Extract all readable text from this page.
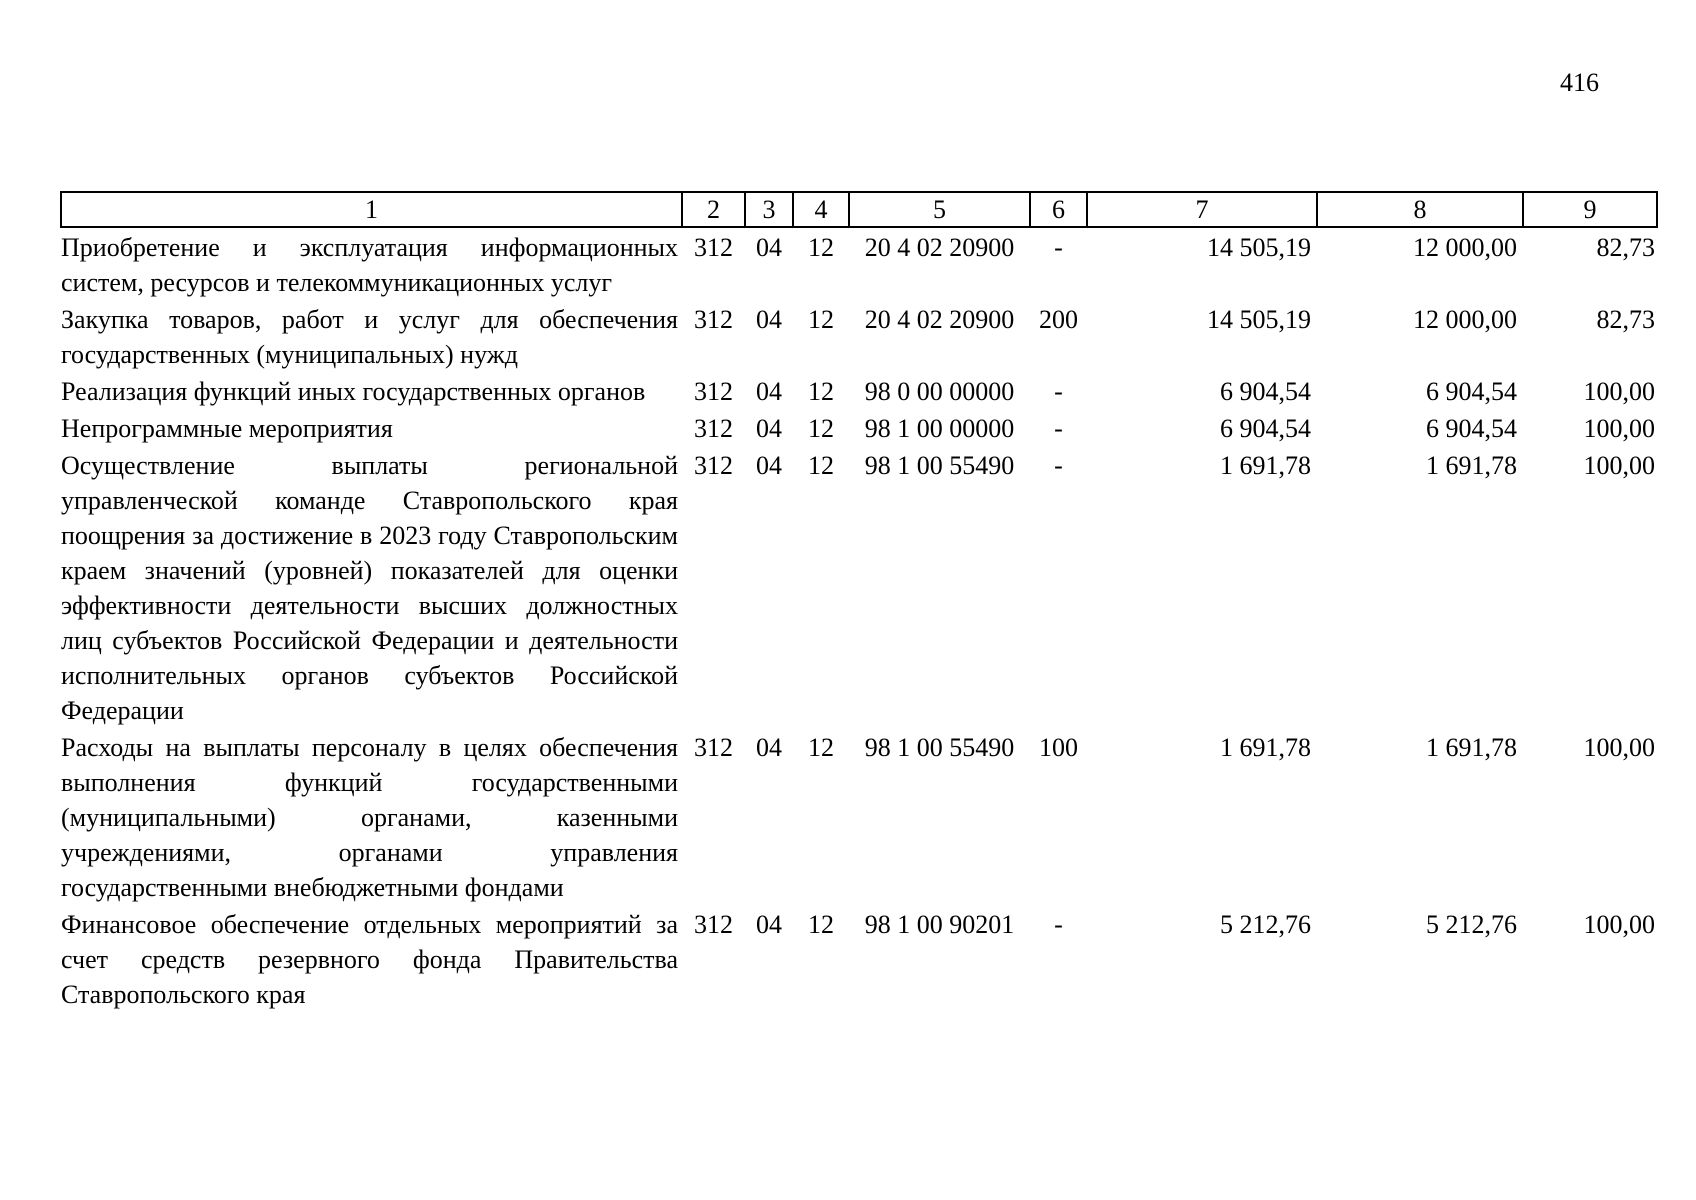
416
1	2	3	4	5	6	7	8	9
Приобретение и эксплуатация информационных систем, ресурсов и телекоммуникационных услуг	312	04	12	20 4 02 20900	-	14 505,19	12 000,00	82,73
Закупка товаров, работ и услуг для обеспечения государственных (муниципальных) нужд	312	04	12	20 4 02 20900	200	14 505,19	12 000,00	82,73
Реализация функций иных государственных органов	312	04	12	98 0 00 00000	-	6 904,54	6 904,54	100,00
Непрограммные мероприятия	312	04	12	98 1 00 00000	-	6 904,54	6 904,54	100,00
Осуществление выплаты региональной управленческой команде Ставропольского края поощрения за достижение в 2023 году Ставропольским краем значений (уровней) показателей для оценки эффективности деятельности высших должностных лиц субъектов Российской Федерации и деятельности исполнительных органов субъектов Российской Федерации	312	04	12	98 1 00 55490	-	1 691,78	1 691,78	100,00
Расходы на выплаты персоналу в целях обеспечения выполнения функций государственными (муниципальными) органами, казенными учреждениями, органами управления государственными внебюджетными фондами	312	04	12	98 1 00 55490	100	1 691,78	1 691,78	100,00
Финансовое обеспечение отдельных мероприятий за счет средств резервного фонда Правительства Ставропольского края	312	04	12	98 1 00 90201	-	5 212,76	5 212,76	100,00
